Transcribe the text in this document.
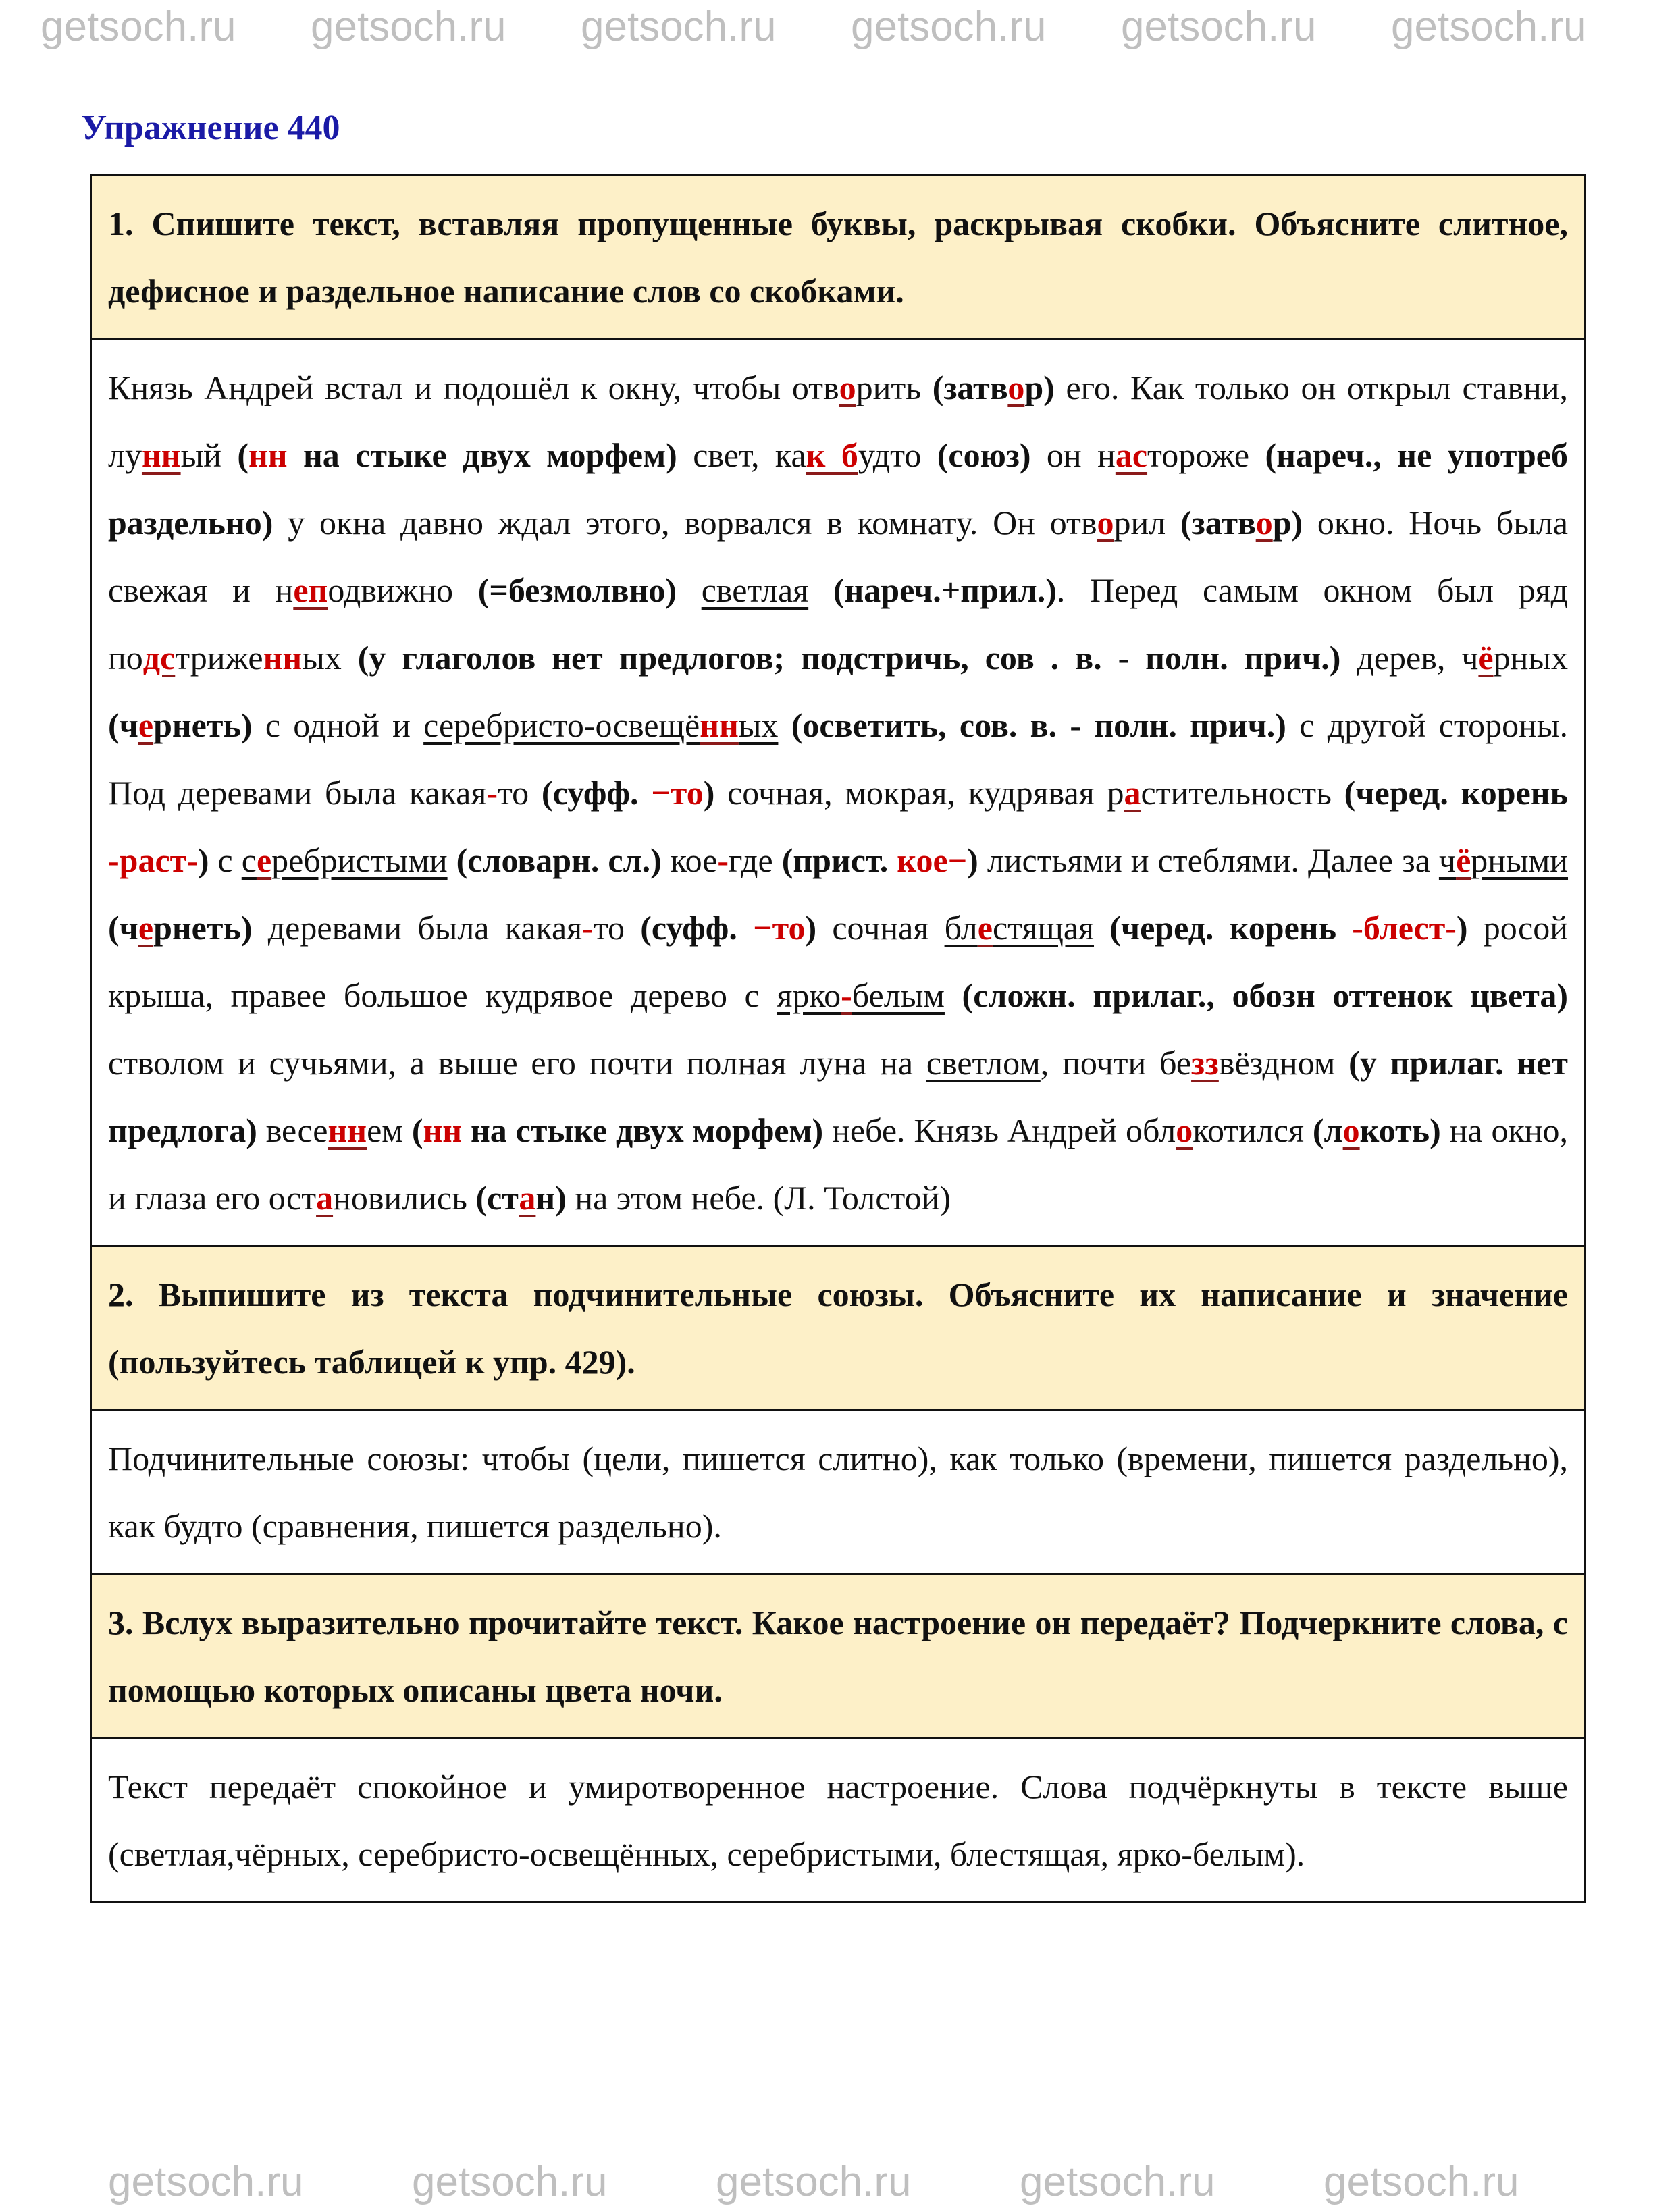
Упражнение 440
1. Спишите текст, вставляя пропущенные буквы, раскрывая скобки. Объясните слитное, дефисное и раздельное написание слов со скобками.
Князь Андрей встал и подошёл к окну, чтобы отворить (затвор) его. Как только он открыл ставни, лунный (нн на стыке двух морфем) свет, как будто (союз) он настороже (нареч., не употреб раздельно) у окна давно ждал этого, ворвался в комнату. Он отворил (затвор) окно. Ночь была свежая и неподвижно (=безмолвно) светлая (нареч.+прил.). Перед самым окном был ряд подстриженных (у глаголов нет предлогов; подстричь, сов . в. - полн. прич.) дерев, чёрных (чернеть) с одной и серебристо-освещённых (осветить, сов. в. - полн. прич.) с другой стороны. Под деревами была какая-то (суфф. −то) сочная, мокрая, кудрявая растительность (черед. корень -раст-) с серебристыми (словарн. сл.) кое-где (прист. кое−) листьями и стеблями. Далее за чёрными (чернеть) деревами была какая-то (суфф. −то) сочная блестящая (черед. корень -блест-) росой крыша, правее большое кудрявое дерево с ярко-белым (сложн. прилаг., обозн оттенок цвета) стволом и сучьями, а выше его почти полная луна на светлом, почти беззвёздном (у прилаг. нет предлога) весеннем (нн на стыке двух морфем) небе. Князь Андрей облокотился (локоть) на окно, и глаза его остановились (стан) на этом небе. (Л. Толстой)
2. Выпишите из текста подчинительные союзы. Объясните их написание и значение (пользуйтесь таблицей к упр. 429).
Подчинительные союзы: чтобы (цели, пишется слитно), как только (времени, пишется раздельно), как будто (сравнения, пишется раздельно).
3. Вслух выразительно прочитайте текст. Какое настроение он передаёт? Подчеркните слова, с помощью которых описаны цвета ночи.
Текст передаёт спокойное и умиротворенное настроение. Слова подчёркнуты в тексте выше (светлая,чёрных, серебристо-освещённых, серебристыми, блестящая, ярко-белым).
getsoch.ru getsoch.ru getsoch.ru getsoch.ru getsoch.ru getsoch.ru
getsoch.ru	getsoch.ru	getsoch.ru	getsoch.ru	getsoch.ru
